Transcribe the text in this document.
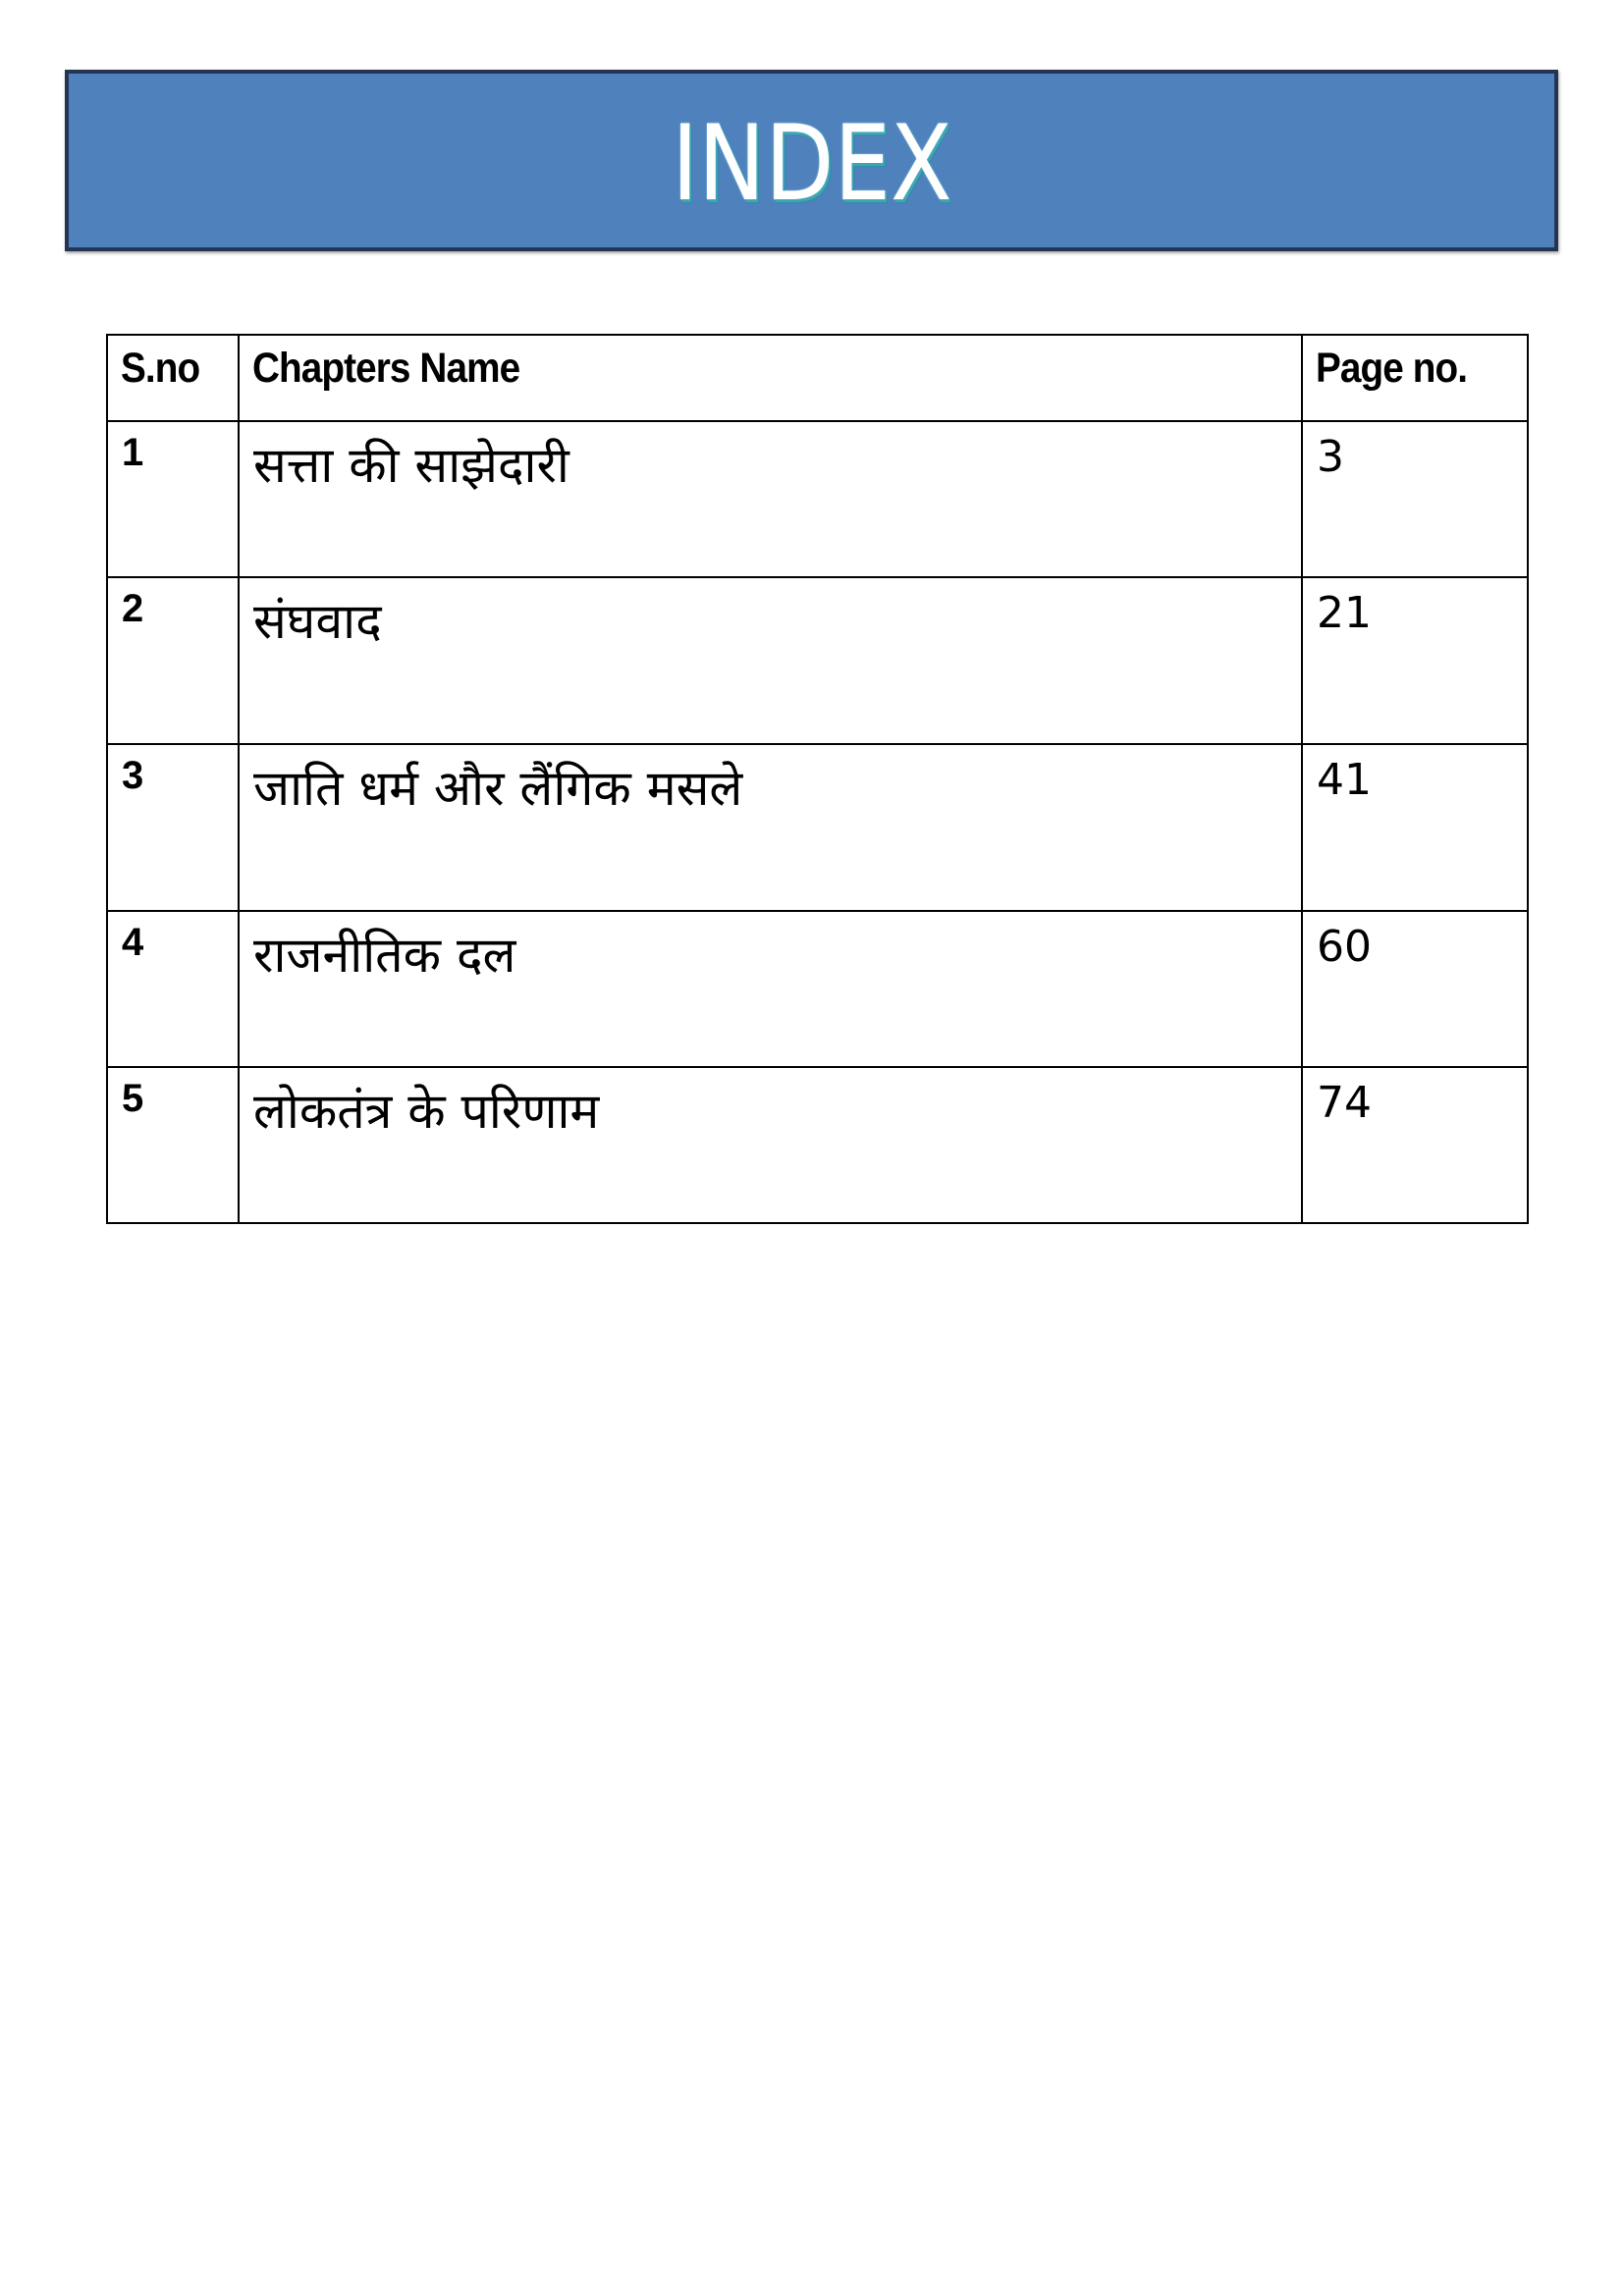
INDEX
S.no	Chapters Name	Page no.
1	सत्ता की साझेदारी	3
2	संघवाद	21
3	जाति धर्म और लैंगिक मसले	41
4	राजनीतिक दल	60
5	लोकतंत्र के परिणाम	74
